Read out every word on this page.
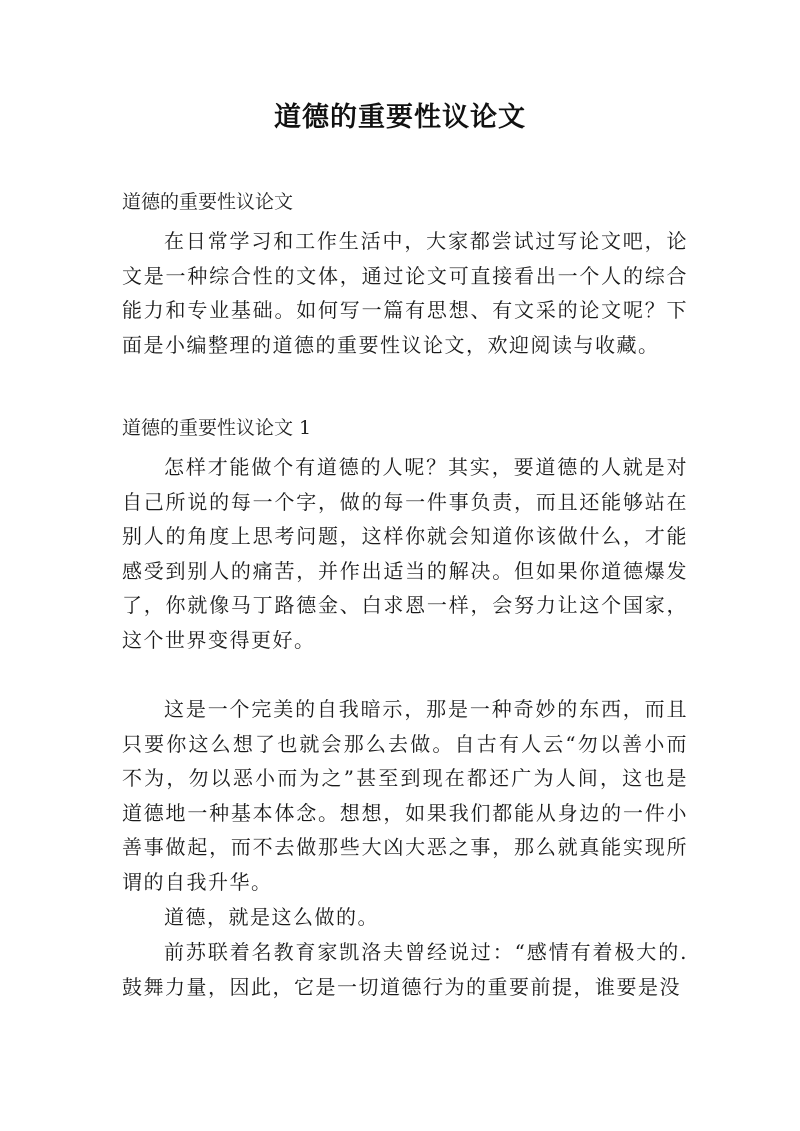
道德的重要性议论文
道德的重要性议论文
在日常学习和工作生活中，大家都尝试过写论文吧，论文是一种综合性的文体，通过论文可直接看出一个人的综合能力和专业基础。如何写一篇有思想、有文采的论文呢？下面是小编整理的道德的重要性议论文，欢迎阅读与收藏。
道德的重要性议论文 1
怎样才能做个有道德的人呢？其实，要道德的人就是对自己所说的每一个字，做的每一件事负责，而且还能够站在别人的角度上思考问题，这样你就会知道你该做什么，才能感受到别人的痛苦，并作出适当的解决。但如果你道德爆发了，你就像马丁路德金、白求恩一样，会努力让这个国家，这个世界变得更好。
这是一个完美的自我暗示，那是一种奇妙的东西，而且只要你这么想了也就会那么去做。自古有人云“勿以善小而不为，勿以恶小而为之”甚至到现在都还广为人间，这也是道德地一种基本体念。想想，如果我们都能从身边的一件小善事做起，而不去做那些大凶大恶之事，那么就真能实现所谓的自我升华。
道德，就是这么做的。
前苏联着名教育家凯洛夫曾经说过：“感情有着极大的.鼓舞力量，因此，它是一切道德行为的重要前提，谁要是没
